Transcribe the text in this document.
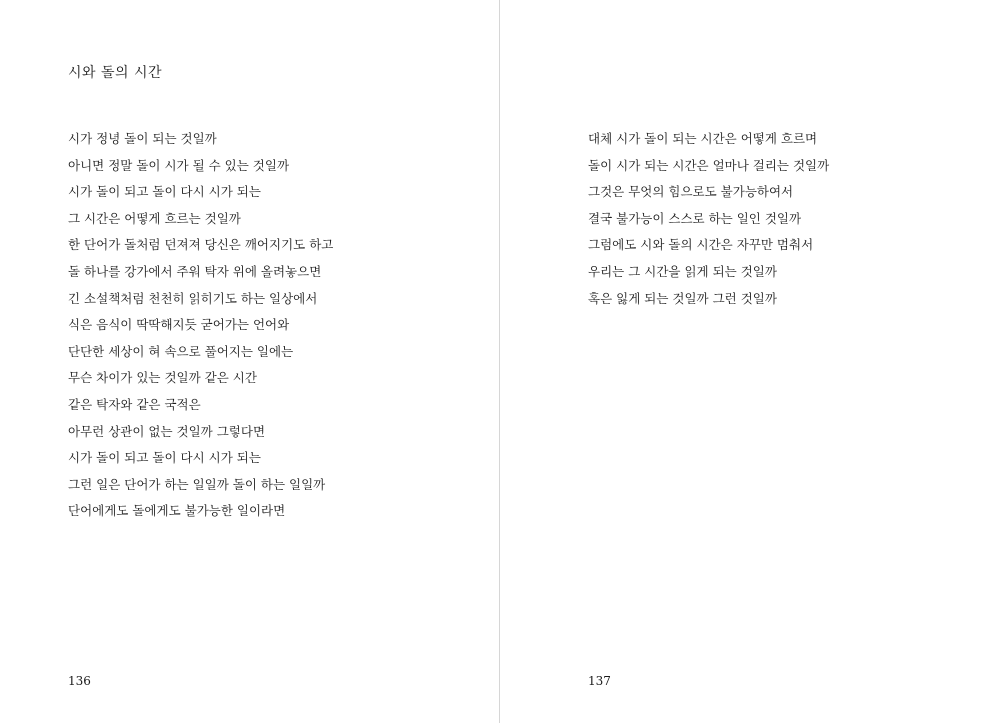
시와 돌의 시간
시가 정녕 돌이 되는 것일까
아니면 정말 돌이 시가 될 수 있는 것일까
시가 돌이 되고 돌이 다시 시가 되는
그 시간은 어떻게 흐르는 것일까
한 단어가 돌처럼 던져져 당신은 깨어지기도 하고
돌 하나를 강가에서 주워 탁자 위에 올려놓으면
긴 소설책처럼 천천히 읽히기도 하는 일상에서
식은 음식이 딱딱해지듯 굳어가는 언어와
단단한 세상이 혀 속으로 풀어지는 일에는
무슨 차이가 있는 것일까 같은 시간
같은 탁자와 같은 국적은
아무런 상관이 없는 것일까 그렇다면
시가 돌이 되고 돌이 다시 시가 되는
그런 일은 단어가 하는 일일까 돌이 하는 일일까
단어에게도 돌에게도 불가능한 일이라면
136
대체 시가 돌이 되는 시간은 어떻게 흐르며
돌이 시가 되는 시간은 얼마나 걸리는 것일까
그것은 무엇의 힘으로도 불가능하여서
결국 불가능이 스스로 하는 일인 것일까
그럼에도 시와 돌의 시간은 자꾸만 멈춰서
우리는 그 시간을 읽게 되는 것일까
혹은 잃게 되는 것일까 그런 것일까
137
